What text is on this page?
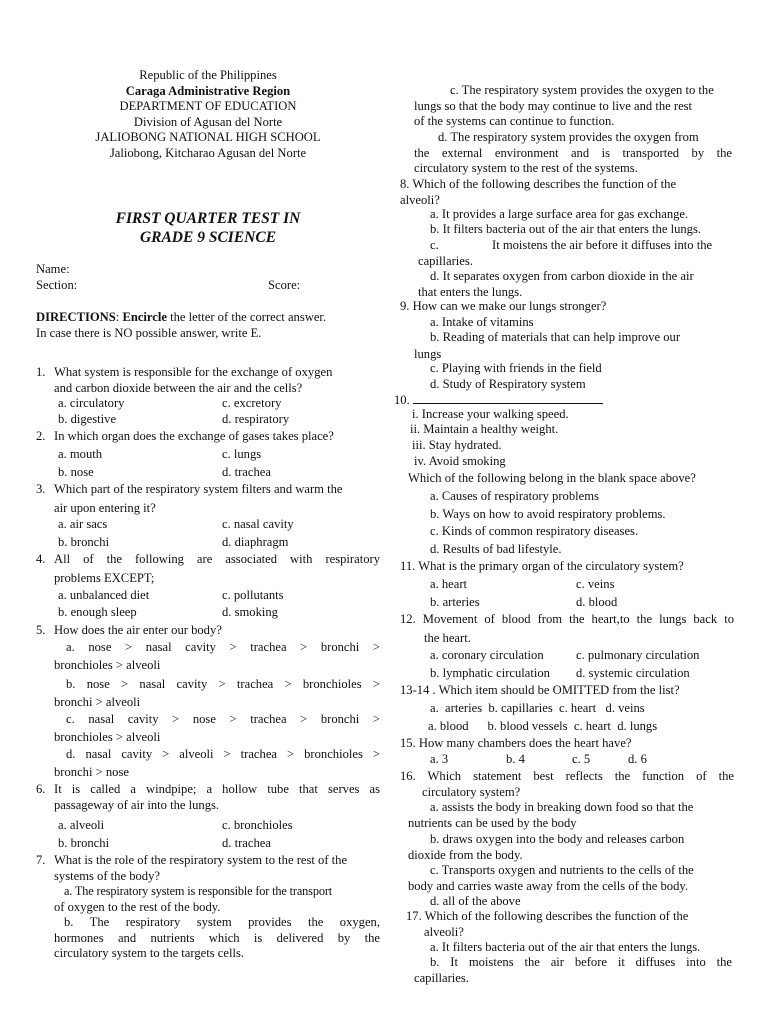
Republic of the Philippines
Caraga Administrative Region
DEPARTMENT OF EDUCATION
Division of Agusan del Norte
JALIOBONG NATIONAL HIGH SCHOOL
Jaliobong, Kitcharao Agusan del Norte
FIRST QUARTER TEST IN
GRADE 9 SCIENCE
Name:
Section:	Score:
DIRECTIONS: Encircle the letter of the correct answer.
In case there is NO possible answer, write E.
1. What system is responsible for the exchange of oxygen
and carbon dioxide between the air and the cells?
a. circulatory	c. excretory
b. digestive	d. respiratory
2. In which organ does the exchange of gases takes place?
a. mouth	c. lungs
b. nose	d. trachea
3. Which part of the respiratory system filters and warm the
air upon entering it?
a. air sacs	c. nasal cavity
b. bronchi	d. diaphragm
4. All of the following are associated with respiratory
problems EXCEPT;
a. unbalanced diet	c. pollutants
b. enough sleep	d. smoking
5. How does the air enter our body?
a. nose > nasal cavity > trachea > bronchi >
bronchioles > alveoli
b. nose > nasal cavity > trachea > bronchioles >
bronchi > alveoli
c. nasal cavity > nose > trachea > bronchi >
bronchioles > alveoli
d. nasal cavity > alveoli > trachea > bronchioles >
bronchi > nose
6. It is called a windpipe; a hollow tube that serves as
passageway of air into the lungs.
a. alveoli	c. bronchioles
b. bronchi	d. trachea
7. What is the role of the respiratory system to the rest of the
systems of the body?
a. The respiratory system is responsible for the transport
of oxygen to the rest of the body.
b. The respiratory system provides the oxygen,
hormones and nutrients which is delivered by the
circulatory system to the targets cells.
c. The respiratory system provides the oxygen to the
lungs so that the body may continue to live and the rest
of the systems can continue to function.
d. The respiratory system provides the oxygen from
the external environment and is transported by the
circulatory system to the rest of the systems.
8. Which of the following describes the function of the
alveoli?
a. It provides a large surface area for gas exchange.
b. It filters bacteria out of the air that enters the lungs.
c.	It moistens the air before it diffuses into the
capillaries.
d. It separates oxygen from carbon dioxide in the air
that enters the lungs.
9. How can we make our lungs stronger?
a. Intake of vitamins
b. Reading of materials that can help improve our
lungs
c. Playing with friends in the field
d. Study of Respiratory system
10.
i. Increase your walking speed.
ii. Maintain a healthy weight.
iii. Stay hydrated.
iv. Avoid smoking
Which of the following belong in the blank space above?
a. Causes of respiratory problems
b. Ways on how to avoid respiratory problems.
c. Kinds of common respiratory diseases.
d. Results of bad lifestyle.
11. What is the primary organ of the circulatory system?
a. heart	c. veins
b. arteries	d. blood
12. Movement of blood from the heart,to the lungs back to
the heart.
a. coronary circulation	c. pulmonary circulation
b. lymphatic circulation d. systemic circulation
13-14 . Which item should be OMITTED from the list?
a.  arteries  b. capillaries  c. heart   d. veins
a. blood      b. blood vessels  c. heart  d. lungs
15. How many chambers does the heart have?
a. 3	b. 4	c. 5	d. 6
16. Which statement best reflects the function of the
circulatory system?
a. assists the body in breaking down food so that the
nutrients can be used by the body
b. draws oxygen into the body and releases carbon
dioxide from the body.
c. Transports oxygen and nutrients to the cells of the
body and carries waste away from the cells of the body.
d. all of the above
17. Which of the following describes the function of the
alveoli?
a. It filters bacteria out of the air that enters the lungs.
b. It moistens the air before it diffuses into the
capillaries.
